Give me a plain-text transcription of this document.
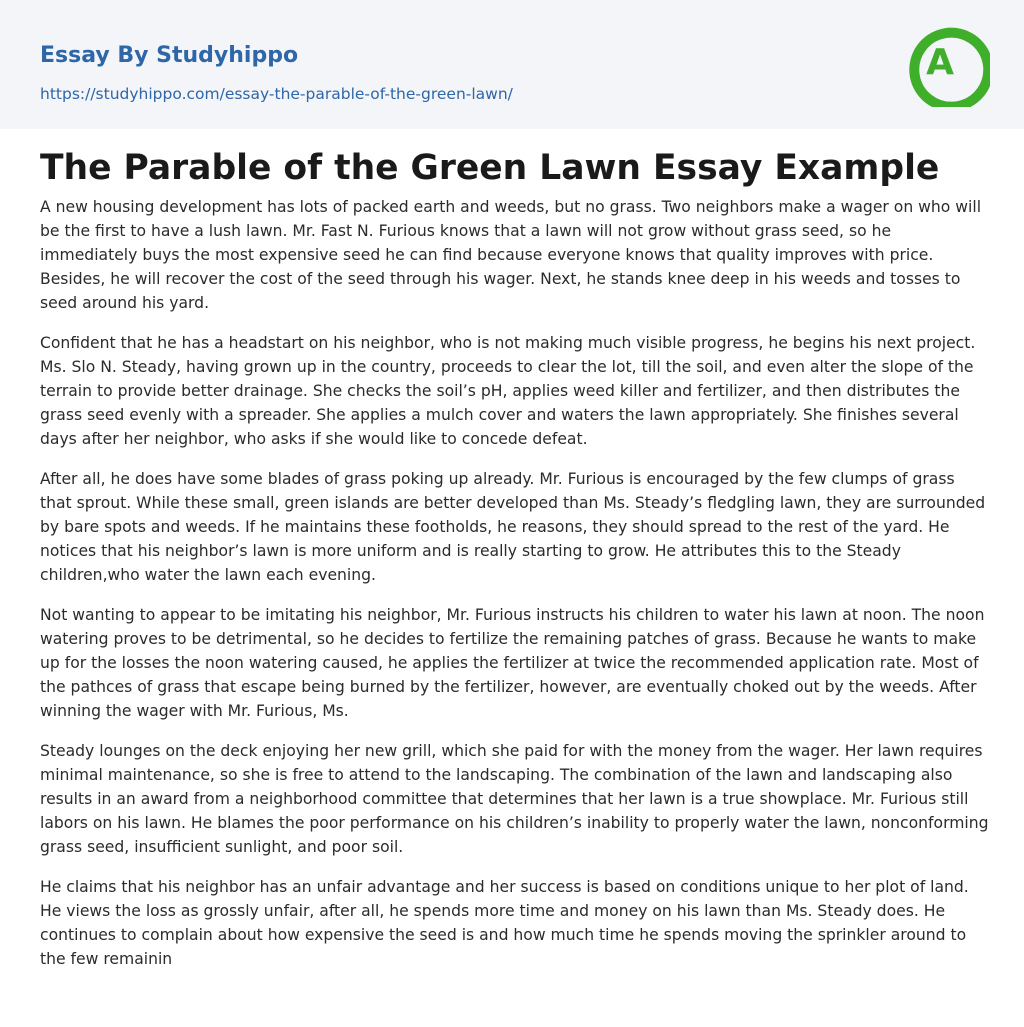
Essay By Studyhippo
https://studyhippo.com/essay-the-parable-of-the-green-lawn/
A
The Parable of the Green Lawn Essay Example

A new housing development has lots of packed earth and weeds, but no grass. Two neighbors make a wager on who will be the first to have a lush lawn. Mr. Fast N. Furious knows that a lawn will not grow without grass seed, so he immediately buys the most expensive seed he can find because everyone knows that quality improves with price. Besides, he will recover the cost of the seed through his wager. Next, he stands knee deep in his weeds and tosses to seed around his yard.

Confident that he has a headstart on his neighbor, who is not making much visible progress, he begins his next project. Ms. Slo N. Steady, having grown up in the country, proceeds to clear the lot, till the soil, and even alter the slope of the terrain to provide better drainage. She checks the soil’s pH, applies weed killer and fertilizer, and then distributes the grass seed evenly with a spreader. She applies a mulch cover and waters the lawn appropriately. She finishes several days after her neighbor, who asks if she would like to concede defeat.

After all, he does have some blades of grass poking up already. Mr. Furious is encouraged by the few clumps of grass that sprout. While these small, green islands are better developed than Ms. Steady’s fledgling lawn, they are surrounded by bare spots and weeds. If he maintains these footholds, he reasons, they should spread to the rest of the yard. He notices that his neighbor’s lawn is more uniform and is really starting to grow. He attributes this to the Steady children,who water the lawn each evening.

Not wanting to appear to be imitating his neighbor, Mr. Furious instructs his children to water his lawn at noon. The noon watering proves to be detrimental, so he decides to fertilize the remaining patches of grass. Because he wants to make up for the losses the noon watering caused, he applies the fertilizer at twice the recommended application rate. Most of the pathces of grass that escape being burned by the fertilizer, however, are eventually choked out by the weeds. After winning the wager with Mr. Furious, Ms.

Steady lounges on the deck enjoying her new grill, which she paid for with the money from the wager. Her lawn requires minimal maintenance, so she is free to attend to the landscaping. The combination of the lawn and landscaping also results in an award from a neighborhood committee that determines that her lawn is a true showplace. Mr. Furious still labors on his lawn. He blames the poor performance on his children’s inability to properly water the lawn, nonconforming grass seed, insufficient sunlight, and poor soil.

He claims that his neighbor has an unfair advantage and her success is based on conditions unique to her plot of land. He views the loss as grossly unfair, after all, he spends more time and money on his lawn than Ms. Steady does. He continues to complain about how expensive the seed is and how much time he spends moving the sprinkler around to the few remainin
